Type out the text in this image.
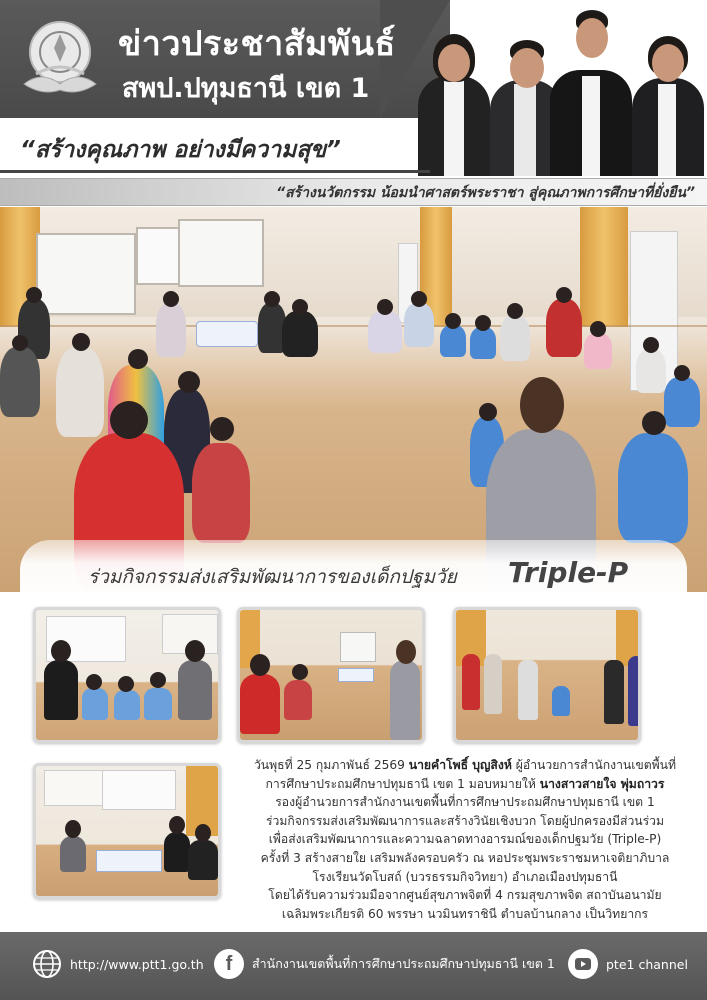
ข่าวประชาสัมพันธ์
สพป.ปทุมธานี เขต 1
“สร้างคุณภาพ อย่างมีความสุข”
“สร้างนวัตกรรม น้อมนำศาสตร์พระราชา สู่คุณภาพการศึกษาที่ยั่งยืน”
ร่วมกิจกรรมส่งเสริมพัฒนาการของเด็กปฐมวัย Triple-P
วันพุธที่ 25 กุมภาพันธ์ 2569 นายคำโพธิ์ บุญสิงห์ ผู้อำนวยการสำนักงานเขตพื้นที่
การศึกษาประถมศึกษาปทุมธานี เขต 1 มอบหมายให้ นางสาวสายใจ พุ่มถาวร
รองผู้อำนวยการสำนักงานเขตพื้นที่การศึกษาประถมศึกษาปทุมธานี เขต 1
ร่วมกิจกรรมส่งเสริมพัฒนาการและสร้างวินัยเชิงบวก โดยผู้ปกครองมีส่วนร่วม
เพื่อส่งเสริมพัฒนาการและความฉลาดทางอารมณ์ของเด็กปฐมวัย (Triple-P)
ครั้งที่ 3 สร้างสายใย เสริมพลังครอบครัว ณ หอประชุมพระราชมหาเจติยาภิบาล
โรงเรียนวัดโบสถ์ (บวรธรรมกิจวิทยา) อำเภอเมืองปทุมธานี
โดยได้รับความร่วมมือจากศูนย์สุขภาพจิตที่ 4 กรมสุขภาพจิต สถาบันอนามัย
เฉลิมพระเกียรติ 60 พรรษา นวมินทราชินี ตำบลบ้านกลาง เป็นวิทยากร
http://www.ptt1.go.th f สำนักงานเขตพื้นที่การศึกษาประถมศึกษาปทุมธานี เขต 1	pte1 channel
